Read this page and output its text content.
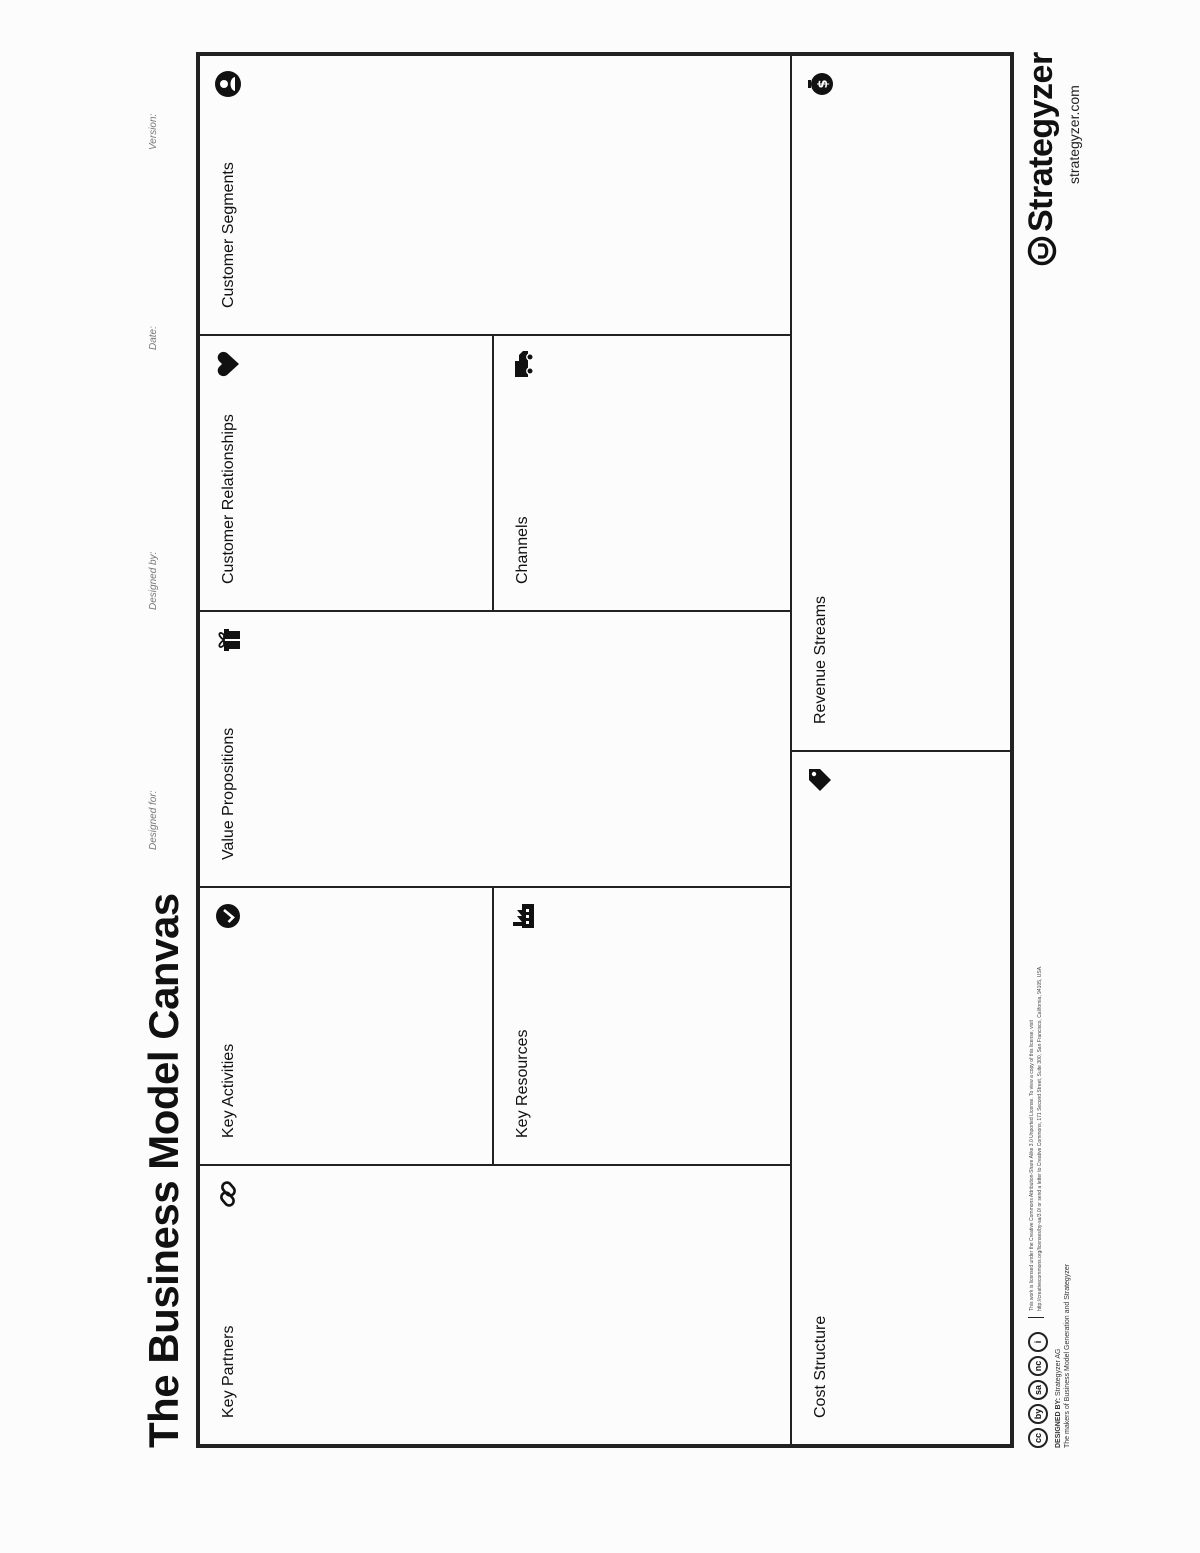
The Business Model Canvas
Designed for:
Designed by:
Date:
Version:
Key Partners
Key Activities	Key Resources
Value Propositions
Customer Relationships	Channels
Customer Segments
Cost Structure
Revenue Streams
$
cc
by
sa
nc
i
This work is licensed under the Creative Commons Attribution-Share Alike 3.0 Unported License. To view a copy of this license, visit http://creativecommons.org/licenses/by-sa/3.0/ or send a letter to Creative Commons, 171 Second Street, Suite 300, San Francisco, California, 94105, USA.
DESIGNED BY: Strategyzer AG The makers of Business Model Generation and Strategyzer
Strategyzer strategyzer.com
